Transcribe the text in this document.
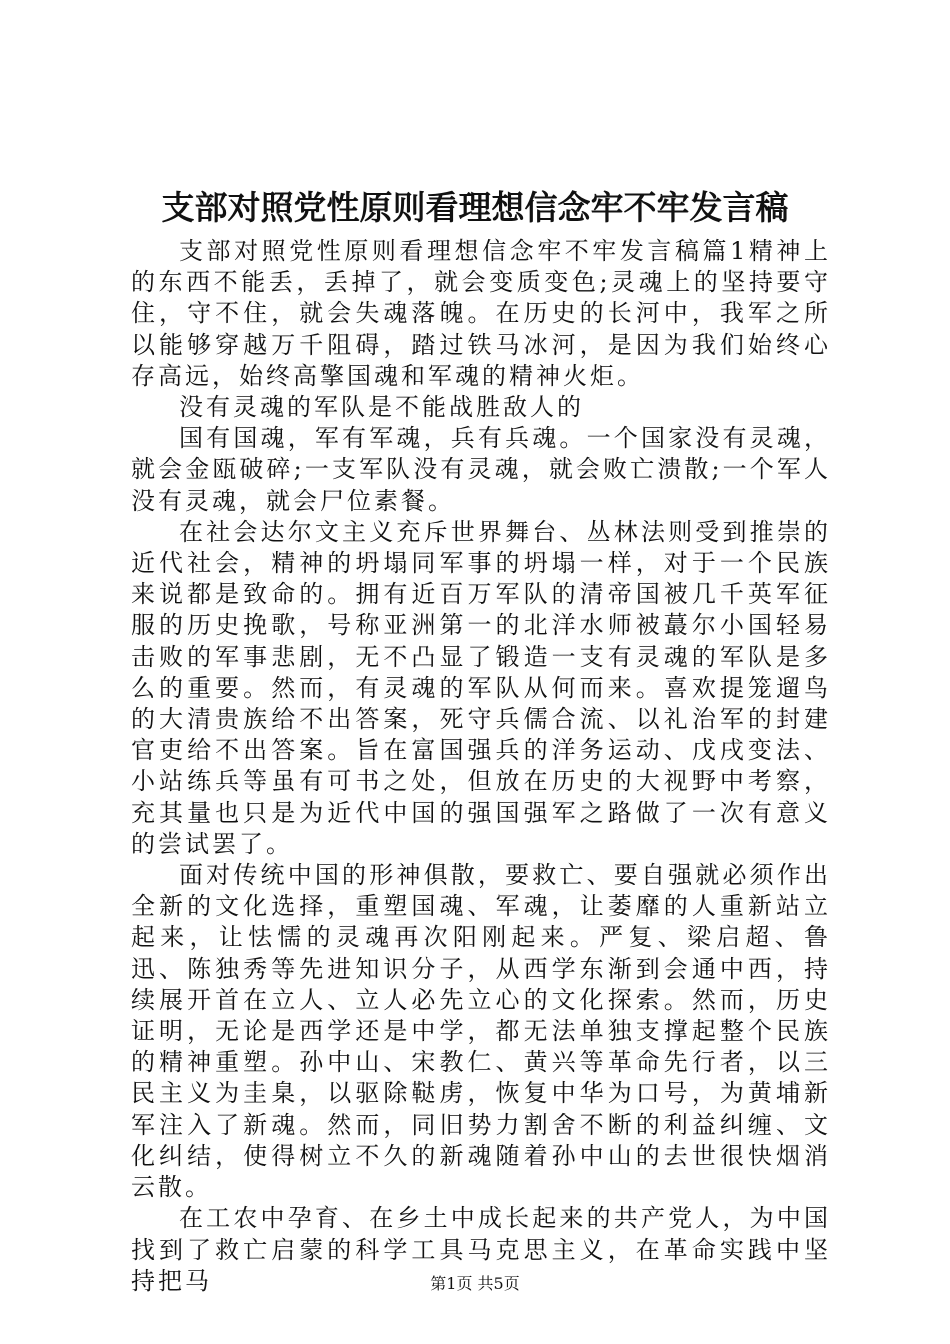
支部对照党性原则看理想信念牢不牢发言稿

支部对照党性原则看理想信念牢不牢发言稿篇1精神上的东西不能丢，丢掉了，就会变质变色;灵魂上的坚持要守住，守不住，就会失魂落魄。在历史的长河中，我军之所以能够穿越万千阻碍，踏过铁马冰河，是因为我们始终心存高远，始终高擎国魂和军魂的精神火炬。

没有灵魂的军队是不能战胜敌人的

国有国魂，军有军魂，兵有兵魂。一个国家没有灵魂，就会金瓯破碎;一支军队没有灵魂，就会败亡溃散;一个军人没有灵魂，就会尸位素餐。

在社会达尔文主义充斥世界舞台、丛林法则受到推崇的近代社会，精神的坍塌同军事的坍塌一样，对于一个民族来说都是致命的。拥有近百万军队的清帝国被几千英军征服的历史挽歌，号称亚洲第一的北洋水师被蕞尔小国轻易击败的军事悲剧，无不凸显了锻造一支有灵魂的军队是多么的重要。然而，有灵魂的军队从何而来。喜欢提笼遛鸟的大清贵族给不出答案，死守兵儒合流、以礼治军的封建官吏给不出答案。旨在富国强兵的洋务运动、戊戌变法、小站练兵等虽有可书之处，但放在历史的大视野中考察，充其量也只是为近代中国的强国强军之路做了一次有意义的尝试罢了。

面对传统中国的形神俱散，要救亡、要自强就必须作出全新的文化选择，重塑国魂、军魂，让萎靡的人重新站立起来，让怯懦的灵魂再次阳刚起来。严复、梁启超、鲁迅、陈独秀等先进知识分子，从西学东渐到会通中西，持续展开首在立人、立人必先立心的文化探索。然而，历史证明，无论是西学还是中学，都无法单独支撑起整个民族的精神重塑。孙中山、宋教仁、黄兴等革命先行者，以三民主义为圭臬，以驱除鞑虏，恢复中华为口号，为黄埔新军注入了新魂。然而，同旧势力割舍不断的利益纠缠、文化纠结，使得树立不久的新魂随着孙中山的去世很快烟消云散。

在工农中孕育、在乡土中成长起来的共产党人，为中国找到了救亡启蒙的科学工具马克思主义，在革命实践中坚持把马	第1页 共5页
